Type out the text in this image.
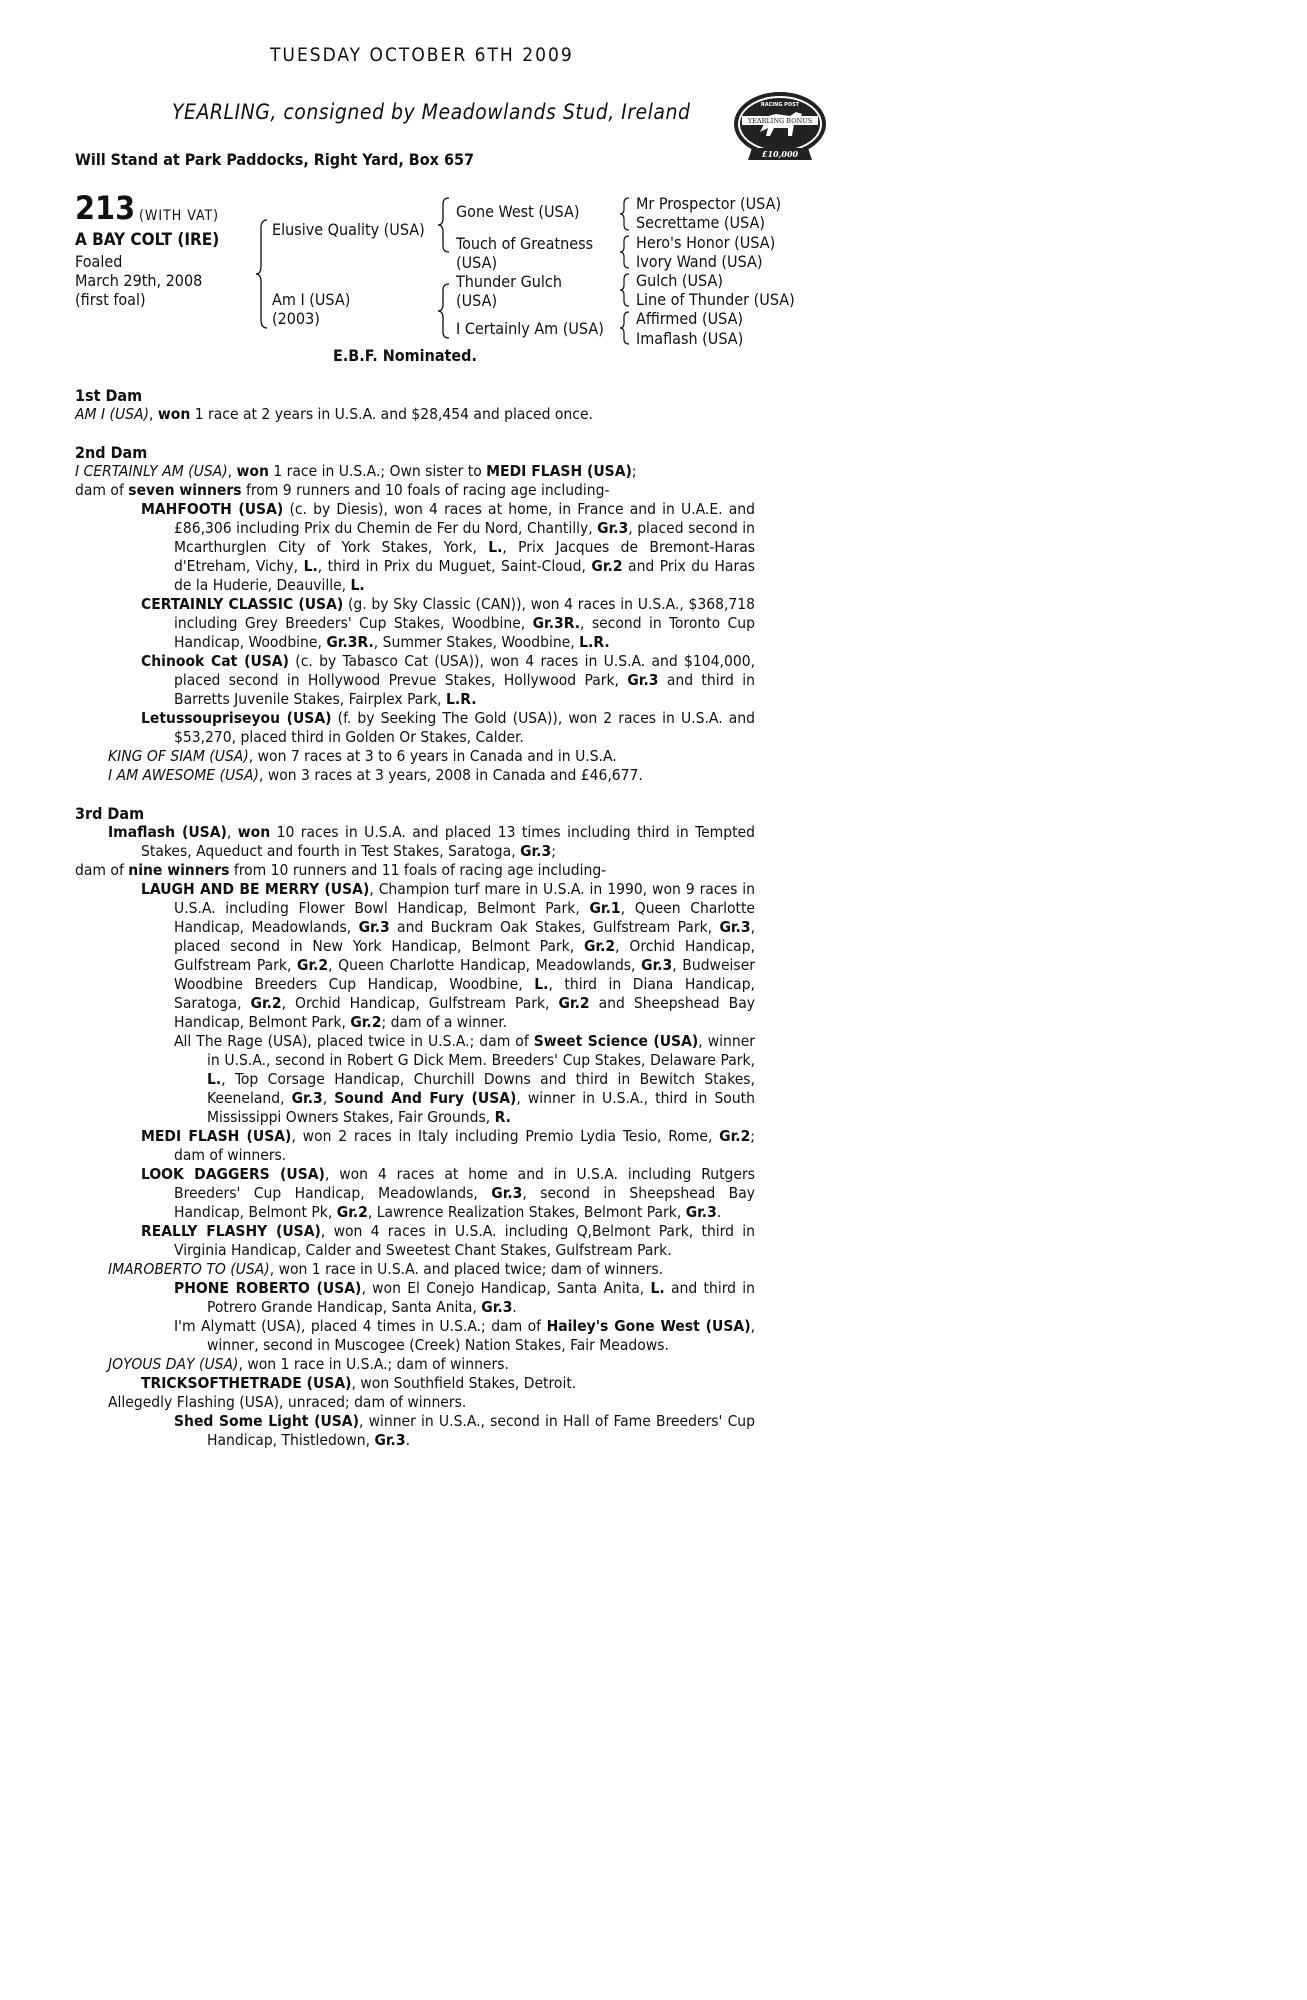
TUESDAY OCTOBER 6TH 2009
YEARLING, consigned by Meadowlands Stud, Ireland
Will Stand at Park Paddocks, Right Yard, Box 657
YEARLING BONUS
RACING POST
£10,000
213 (WITH VAT)
A BAY COLT (IRE)
Foaled
March 29th, 2008
(first foal)
Elusive Quality (USA)
Am I (USA)
(2003)
Gone West (USA)
Touch of Greatness
(USA)
Thunder Gulch
(USA)
I Certainly Am (USA)
Mr Prospector (USA)
Secrettame (USA)
Hero's Honor (USA)
Ivory Wand (USA)
Gulch (USA)
Line of Thunder (USA)
Affirmed (USA)
Imaflash (USA)
E.B.F. Nominated.
1st Dam

AM I (USA), won 1 race at 2 years in U.S.A. and $28,454 and placed once.

2nd Dam

I CERTAINLY AM (USA), won 1 race in U.S.A.; Own sister to MEDI FLASH (USA);
dam of seven winners from 9 runners and 10 foals of racing age including-

MAHFOOTH (USA) (c. by Diesis), won 4 races at home, in France and in U.A.E. and £86,306 including Prix du Chemin de Fer du Nord, Chantilly, Gr.3, placed second in Mcarthurglen City of York Stakes, York, L., Prix Jacques de Bremont-Haras d'Etreham, Vichy, L., third in Prix du Muguet, Saint-Cloud, Gr.2 and Prix du Haras de la Huderie, Deauville, L.

CERTAINLY CLASSIC (USA) (g. by Sky Classic (CAN)), won 4 races in U.S.A., $368,718 including Grey Breeders' Cup Stakes, Woodbine, Gr.3R., second in Toronto Cup Handicap, Woodbine, Gr.3R., Summer Stakes, Woodbine, L.R.

Chinook Cat (USA) (c. by Tabasco Cat (USA)), won 4 races in U.S.A. and $104,000, placed second in Hollywood Prevue Stakes, Hollywood Park, Gr.3 and third in Barretts Juvenile Stakes, Fairplex Park, L.R.

Letussoupriseyou (USA) (f. by Seeking The Gold (USA)), won 2 races in U.S.A. and $53,270, placed third in Golden Or Stakes, Calder.

KING OF SIAM (USA), won 7 races at 3 to 6 years in Canada and in U.S.A.

I AM AWESOME (USA), won 3 races at 3 years, 2008 in Canada and £46,677.

3rd Dam

Imaflash (USA), won 10 races in U.S.A. and placed 13 times including third in Tempted Stakes, Aqueduct and fourth in Test Stakes, Saratoga, Gr.3;

dam of nine winners from 10 runners and 11 foals of racing age including-

LAUGH AND BE MERRY (USA), Champion turf mare in U.S.A. in 1990, won 9 races in U.S.A. including Flower Bowl Handicap, Belmont Park, Gr.1, Queen Charlotte Handicap, Meadowlands, Gr.3 and Buckram Oak Stakes, Gulfstream Park, Gr.3, placed second in New York Handicap, Belmont Park, Gr.2, Orchid Handicap, Gulfstream Park, Gr.2, Queen Charlotte Handicap, Meadowlands, Gr.3, Budweiser Woodbine Breeders Cup Handicap, Woodbine, L., third in Diana Handicap, Saratoga, Gr.2, Orchid Handicap, Gulfstream Park, Gr.2 and Sheepshead Bay Handicap, Belmont Park, Gr.2; dam of a winner.

All The Rage (USA), placed twice in U.S.A.; dam of Sweet Science (USA), winner in U.S.A., second in Robert G Dick Mem. Breeders' Cup Stakes, Delaware Park, L., Top Corsage Handicap, Churchill Downs and third in Bewitch Stakes, Keeneland, Gr.3, Sound And Fury (USA), winner in U.S.A., third in South Mississippi Owners Stakes, Fair Grounds, R.

MEDI FLASH (USA), won 2 races in Italy including Premio Lydia Tesio, Rome, Gr.2; dam of winners.

LOOK DAGGERS (USA), won 4 races at home and in U.S.A. including Rutgers Breeders' Cup Handicap, Meadowlands, Gr.3, second in Sheepshead Bay Handicap, Belmont Pk, Gr.2, Lawrence Realization Stakes, Belmont Park, Gr.3.

REALLY FLASHY (USA), won 4 races in U.S.A. including Q,Belmont Park, third in Virginia Handicap, Calder and Sweetest Chant Stakes, Gulfstream Park.

IMAROBERTO TO (USA), won 1 race in U.S.A. and placed twice; dam of winners.

PHONE ROBERTO (USA), won El Conejo Handicap, Santa Anita, L. and third in Potrero Grande Handicap, Santa Anita, Gr.3.

I'm Alymatt (USA), placed 4 times in U.S.A.; dam of Hailey's Gone West (USA), winner, second in Muscogee (Creek) Nation Stakes, Fair Meadows.

JOYOUS DAY (USA), won 1 race in U.S.A.; dam of winners.

TRICKSOFTHETRADE (USA), won Southfield Stakes, Detroit.

Allegedly Flashing (USA), unraced; dam of winners.

Shed Some Light (USA), winner in U.S.A., second in Hall of Fame Breeders' Cup Handicap, Thistledown, Gr.3.
